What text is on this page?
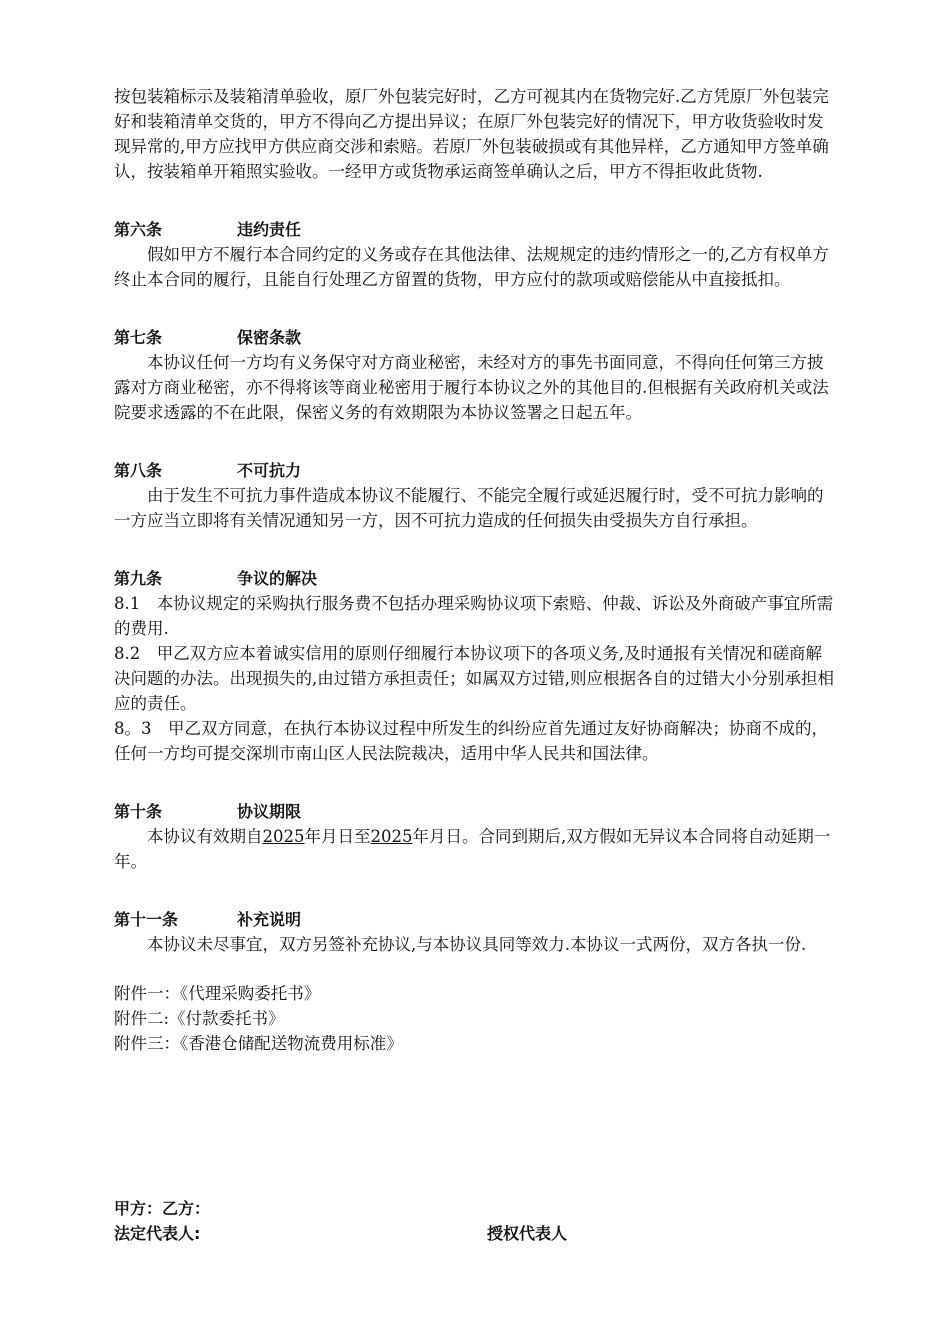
按包装箱标示及装箱清单验收，原厂外包装完好时，乙方可视其内在货物完好.乙方凭原厂外包装完好和装箱清单交货的，甲方不得向乙方提出异议；在原厂外包装完好的情况下，甲方收货验收时发现异常的,甲方应找甲方供应商交涉和索赔。若原厂外包装破损或有其他异样，乙方通知甲方签单确认，按装箱单开箱照实验收。一经甲方或货物承运商签单确认之后，甲方不得拒收此货物.

第六条	违约责任

假如甲方不履行本合同约定的义务或存在其他法律、法规规定的违约情形之一的,乙方有权单方终止本合同的履行，且能自行处理乙方留置的货物，甲方应付的款项或赔偿能从中直接抵扣。

第七条	保密条款

本协议任何一方均有义务保守对方商业秘密，未经对方的事先书面同意，不得向任何第三方披露对方商业秘密，亦不得将该等商业秘密用于履行本协议之外的其他目的.但根据有关政府机关或法院要求透露的不在此限，保密义务的有效期限为本协议签署之日起五年。

第八条	不可抗力

由于发生不可抗力事件造成本协议不能履行、不能完全履行或延迟履行时，受不可抗力影响的一方应当立即将有关情况通知另一方，因不可抗力造成的任何损失由受损失方自行承担。

第九条	争议的解决

8.1　本协议规定的采购执行服务费不包括办理采购协议项下索赔、仲裁、诉讼及外商破产事宜所需的费用.

8.2　甲乙双方应本着诚实信用的原则仔细履行本协议项下的各项义务,及时通报有关情况和磋商解决问题的办法。出现损失的,由过错方承担责任；如属双方过错,则应根据各自的过错大小分别承担相应的责任。

8。3　甲乙双方同意，在执行本协议过程中所发生的纠纷应首先通过友好协商解决；协商不成的，任何一方均可提交深圳市南山区人民法院裁决，适用中华人民共和国法律。

第十条	协议期限

本协议有效期自2025年月日至2025年月日。合同到期后,双方假如无异议本合同将自动延期一年。

第十一条	补充说明

本协议未尽事宜，双方另签补充协议,与本协议具同等效力.本协议一式两份，双方各执一份.

附件一：《代理采购委托书》

附件二:《付款委托书》

附件三：《香港仓储配送物流费用标准》

甲方：乙方：
法定代表人:	授权代表人
